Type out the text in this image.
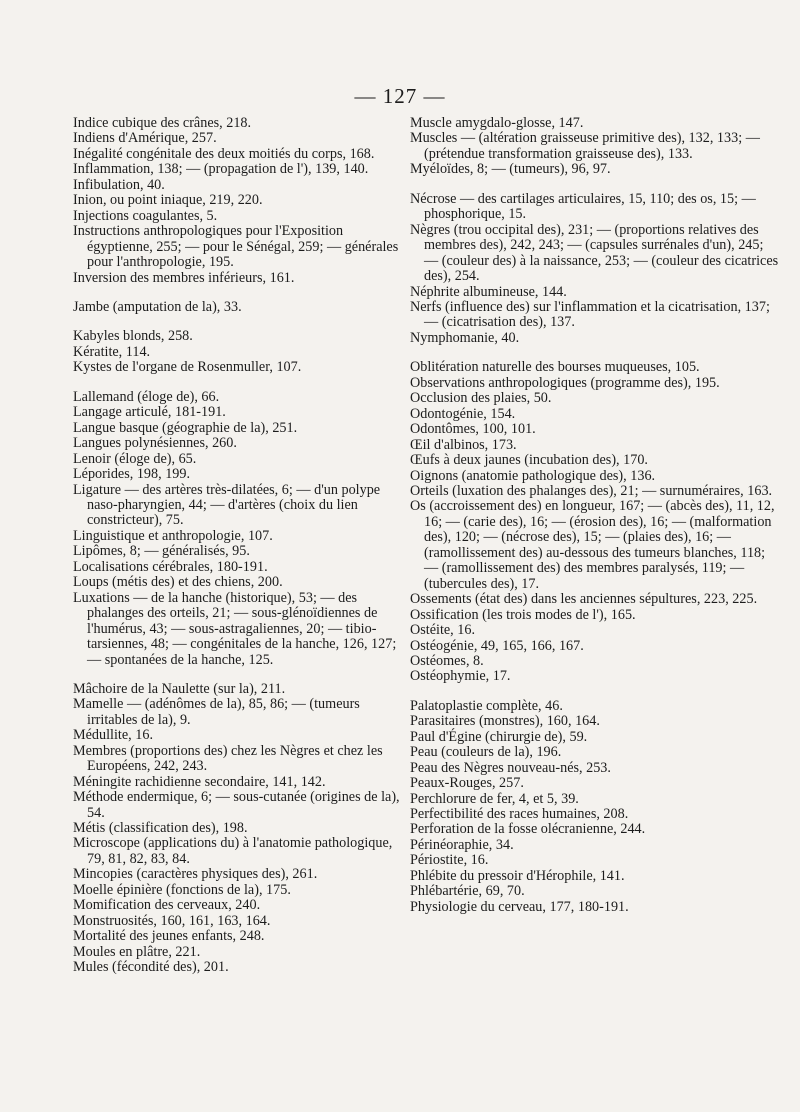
— 127 —
Indice cubique des crânes, 218.
Indiens d'Amérique, 257.
Inégalité congénitale des deux moitiés du corps, 168.
Inflammation, 138; — (propagation de l'), 139, 140.
Infibulation, 40.
Inion, ou point iniaque, 219, 220.
Injections coagulantes, 5.
Instructions anthropologiques pour l'Exposition égyptienne, 255; — pour le Sénégal, 259; — générales pour l'anthropologie, 195.
Inversion des membres inférieurs, 161.
Jambe (amputation de la), 33.
Kabyles blonds, 258.
Kératite, 114.
Kystes de l'organe de Rosenmuller, 107.
Lallemand (éloge de), 66.
Langage articulé, 181-191.
Langue basque (géographie de la), 251.
Langues polynésiennes, 260.
Lenoir (éloge de), 65.
Léporides, 198, 199.
Ligature — des artères très-dilatées, 6; — d'un polype naso-pharyngien, 44; — d'artères (choix du lien constricteur), 75.
Linguistique et anthropologie, 107.
Lipômes, 8; — généralisés, 95.
Localisations cérébrales, 180-191.
Loups (métis des) et des chiens, 200.
Luxations — de la hanche (historique), 53; — des phalanges des orteils, 21; — sous-glénoïdiennes de l'humérus, 43; — sous-astragaliennes, 20; — tibio-tarsiennes, 48; — congénitales de la hanche, 126, 127; — spontanées de la hanche, 125.
Mâchoire de la Naulette (sur la), 211.
Mamelle — (adénômes de la), 85, 86; — (tumeurs irritables de la), 9.
Médullite, 16.
Membres (proportions des) chez les Nègres et chez les Européens, 242, 243.
Méningite rachidienne secondaire, 141, 142.
Méthode endermique, 6; — sous-cutanée (origines de la), 54.
Métis (classification des), 198.
Microscope (applications du) à l'anatomie pathologique, 79, 81, 82, 83, 84.
Mincopies (caractères physiques des), 261.
Moelle épinière (fonctions de la), 175.
Momification des cerveaux, 240.
Monstruosités, 160, 161, 163, 164.
Mortalité des jeunes enfants, 248.
Moules en plâtre, 221.
Mules (fécondité des), 201.
Muscle amygdalo-glosse, 147.
Muscles — (altération graisseuse primitive des), 132, 133; — (prétendue transformation graisseuse des), 133.
Myéloïdes, 8; — (tumeurs), 96, 97.
Nécrose — des cartilages articulaires, 15, 110; des os, 15; — phosphorique, 15.
Nègres (trou occipital des), 231; — (proportions relatives des membres des), 242, 243; — (capsules surrénales d'un), 245; — (couleur des) à la naissance, 253; — (couleur des cicatrices des), 254.
Néphrite albumineuse, 144.
Nerfs (influence des) sur l'inflammation et la cicatrisation, 137; — (cicatrisation des), 137.
Nymphomanie, 40.
Oblitération naturelle des bourses muqueuses, 105.
Observations anthropologiques (programme des), 195.
Occlusion des plaies, 50.
Odontogénie, 154.
Odontômes, 100, 101.
Œil d'albinos, 173.
Œufs à deux jaunes (incubation des), 170.
Oignons (anatomie pathologique des), 136.
Orteils (luxation des phalanges des), 21; — surnuméraires, 163.
Os (accroissement des) en longueur, 167; — (abcès des), 11, 12, 16; — (carie des), 16; — (érosion des), 16; — (malformation des), 120; — (nécrose des), 15; — (plaies des), 16; — (ramollissement des) au-dessous des tumeurs blanches, 118; — (ramollissement des) des membres paralysés, 119; — (tubercules des), 17.
Ossements (état des) dans les anciennes sépultures, 223, 225.
Ossification (les trois modes de l'), 165.
Ostéite, 16.
Ostéogénie, 49, 165, 166, 167.
Ostéomes, 8.
Ostéophymie, 17.
Palatoplastie complète, 46.
Parasitaires (monstres), 160, 164.
Paul d'Égine (chirurgie de), 59.
Peau (couleurs de la), 196.
Peau des Nègres nouveau-nés, 253.
Peaux-Rouges, 257.
Perchlorure de fer, 4, et 5, 39.
Perfectibilité des races humaines, 208.
Perforation de la fosse olécranienne, 244.
Périnéoraphie, 34.
Périostite, 16.
Phlébite du pressoir d'Hérophile, 141.
Phlébartérie, 69, 70.
Physiologie du cerveau, 177, 180-191.
